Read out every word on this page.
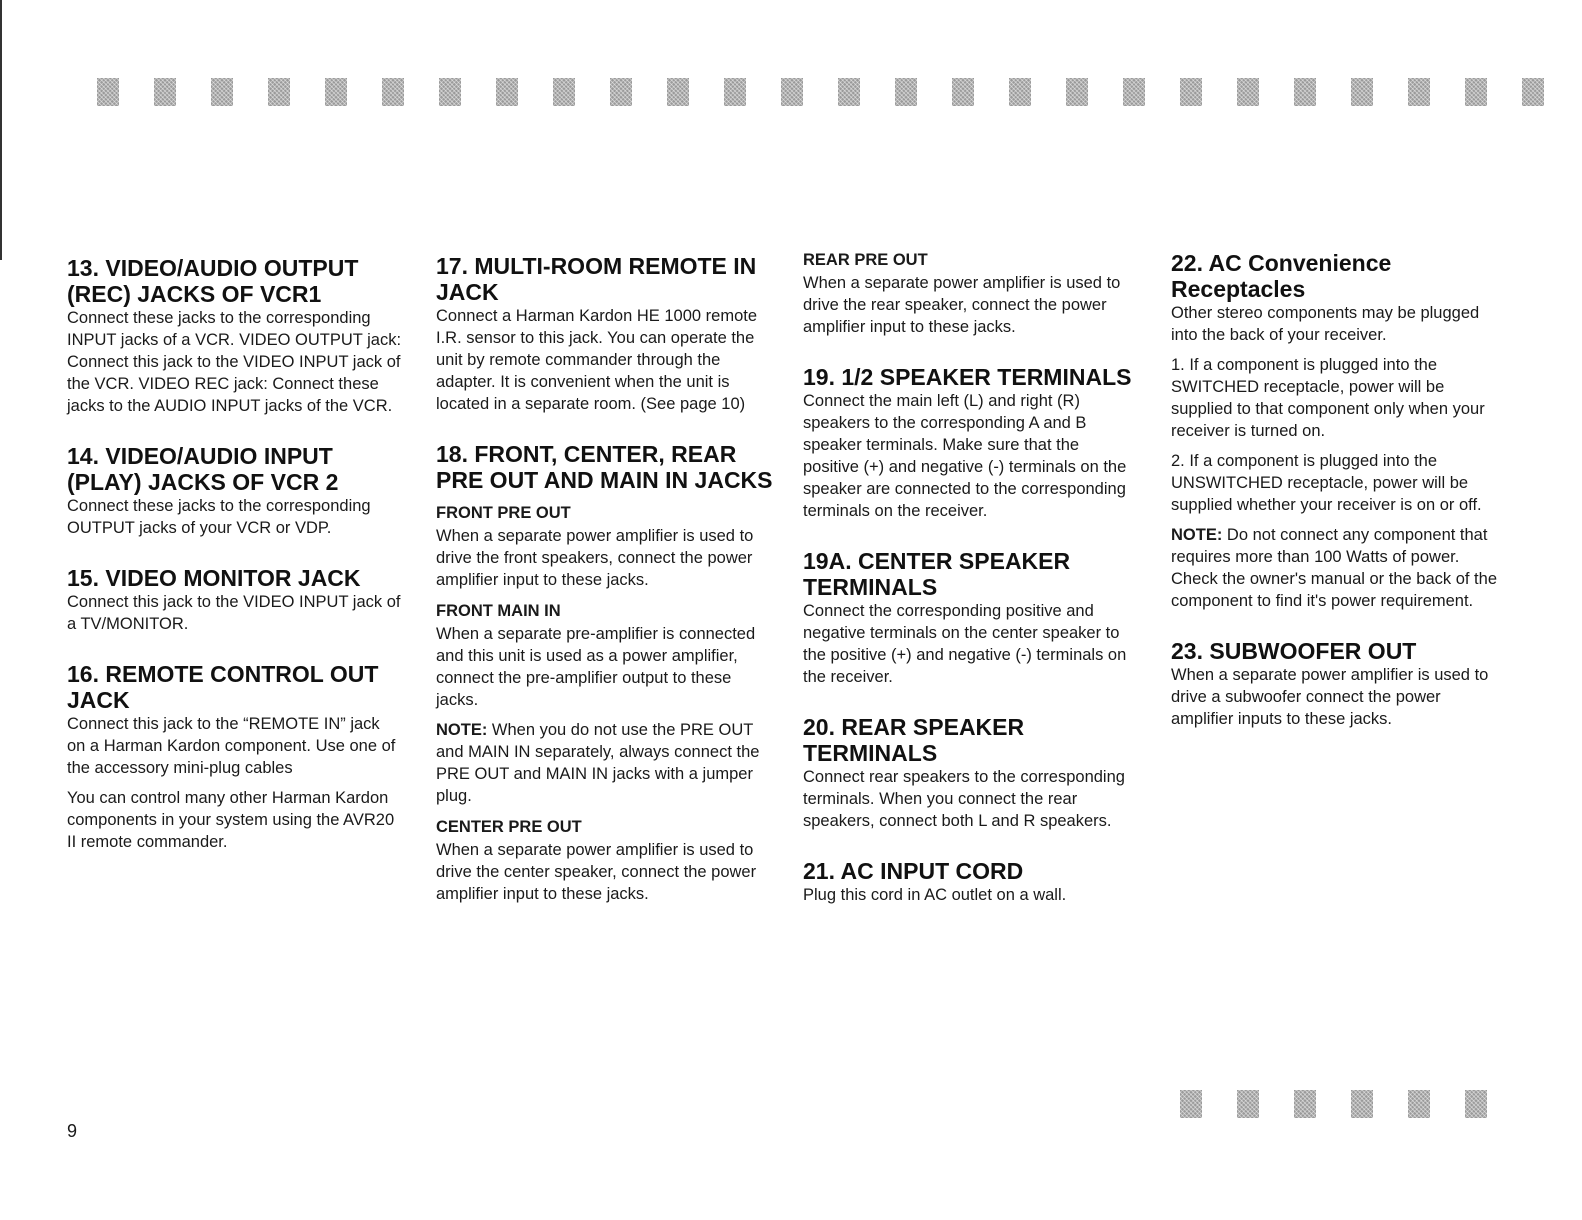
13. VIDEO/AUDIO OUTPUT (REC) JACKS OF VCR1

Connect these jacks to the corresponding INPUT jacks of a VCR. VIDEO OUTPUT jack: Connect this jack to the VIDEO INPUT jack of the VCR. VIDEO REC jack: Connect these jacks to the AUDIO INPUT jacks of the VCR.

14. VIDEO/AUDIO INPUT (PLAY) JACKS OF VCR 2

Connect these jacks to the corresponding OUTPUT jacks of your VCR or VDP.

15. VIDEO MONITOR JACK

Connect this jack to the VIDEO INPUT jack of a TV/MONITOR.

16. REMOTE CONTROL OUT JACK

Connect this jack to the “REMOTE IN” jack on a Harman Kardon component. Use one of the accessory mini-plug cables

You can control many other Harman Kardon components in your system using the AVR20 II remote commander.

17. MULTI-ROOM REMOTE IN JACK

Connect a Harman Kardon HE 1000 remote I.R. sensor to this jack. You can operate the unit by remote commander through the adapter. It is convenient when the unit is located in a separate room. (See page 10)

18. FRONT, CENTER, REAR PRE OUT AND MAIN IN JACKS
FRONT PRE OUT

When a separate power amplifier is used to drive the front speakers, connect the power amplifier input to these jacks.

FRONT MAIN IN

When a separate pre-amplifier is connected and this unit is used as a power amplifier, connect the pre-amplifier output to these jacks.

NOTE: When you do not use the PRE OUT and MAIN IN separately, always connect the PRE OUT and MAIN IN jacks with a jumper plug.

CENTER PRE OUT

When a separate power amplifier is used to drive the center speaker, connect the power amplifier input to these jacks.

REAR PRE OUT

When a separate power amplifier is used to drive the rear speaker, connect the power amplifier input to these jacks.

19. 1/2 SPEAKER TERMINALS

Connect the main left (L) and right (R) speakers to the corresponding A and B speaker terminals. Make sure that the positive (+) and negative (-) terminals on the speaker are connected to the corresponding terminals on the receiver.

19A. CENTER SPEAKER TERMINALS

Connect the corresponding positive and negative terminals on the center speaker to the positive (+) and negative (-) terminals on the receiver.

20. REAR SPEAKER TERMINALS

Connect rear speakers to the corresponding terminals. When you connect the rear speakers, connect both L and R speakers.

21. AC INPUT CORD

Plug this cord in AC outlet on a wall.

22. AC Convenience Receptacles

Other stereo components may be plugged into the back of your receiver.

1. If a component is plugged into the SWITCHED receptacle, power will be supplied to that component only when your receiver is turned on.

2. If a component is plugged into the UNSWITCHED receptacle, power will be supplied whether your receiver is on or off.

NOTE: Do not connect any component that requires more than 100 Watts of power. Check the owner's manual or the back of the component to find it's power requirement.

23. SUBWOOFER OUT

When a separate power amplifier is used to drive a subwoofer connect the power amplifier inputs to these jacks.

9
